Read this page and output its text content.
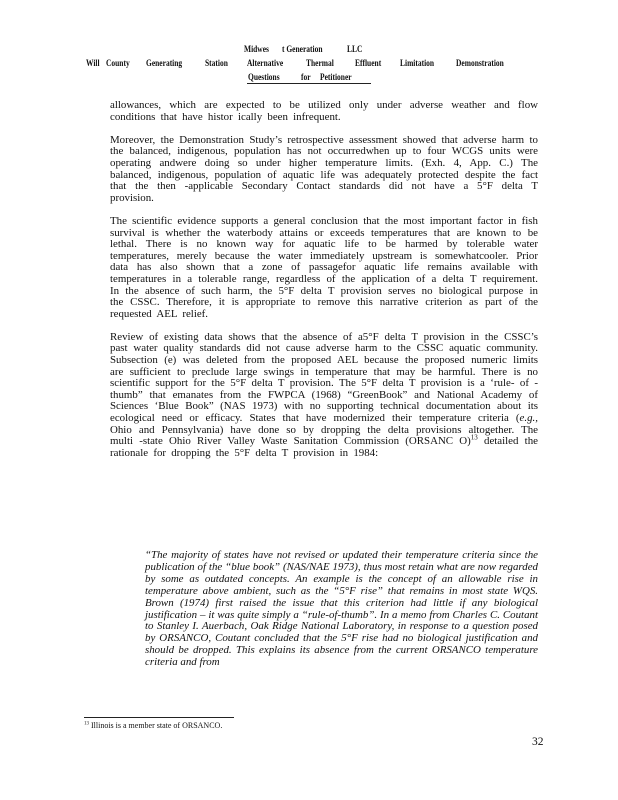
Midwes t Generation	LLC
Will County Generating Station Alternative Thermal Effluent Limitation Demonstration
Questions for Petitioner

allowances, which are expected to be utilized only under adverse weather and flow conditions that have histor ically been infrequent.

Moreover, the Demonstration Study’s retrospective assessment showed that adverse harm to the balanced, indigenous, population has not occurredwhen up to four WCGS units were operating andwere doing so under higher temperature limits. (Exh. 4, App. C.) The balanced, indigenous, population of aquatic life was adequately protected despite the fact that the then -applicable Secondary Contact standards did not have a 5°F delta T provision.

The scientific evidence supports a general conclusion that the most important factor in fish survival is whether the waterbody attains or exceeds temperatures that are known to be lethal. There is no known way for aquatic life to be harmed by tolerable water temperatures, merely because the water immediately upstream is somewhatcooler. Prior data has also shown that a zone of passagefor aquatic life remains available with temperatures in a tolerable range, regardless of the application of a delta T requirement. In the absence of such harm, the 5°F delta T provision serves no biological purpose in the CSSC. Therefore, it is appropriate to remove this narrative criterion as part of the requested AEL relief.

Review of existing data shows that the absence of a5°F delta T provision in the CSSC’s past water quality standards did not cause adverse harm to the CSSC aquatic community. Subsection (e) was deleted from the proposed AEL because the proposed numeric limits are sufficient to preclude large swings in temperature that may be harmful. There is no scientific support for the 5°F delta T provision. The 5°F delta T provision is a ‘rule- of - thumb” that emanates from the FWPCA (1968) “GreenBook” and National Academy of Sciences ‘Blue Book” (NAS 1973) with no supporting technical documentation about its ecological need or efficacy. States that have modernized their temperature criteria (e.g., Ohio and Pennsylvania) have done so by dropping the delta provisions altogether. The multi -state Ohio River Valley Waste Sanitation Commission (ORSANC O)$^{13}$ detailed the rationale for dropping the 5°F delta T provision in 1984:

“The majority of states have not revised or updated their temperature criteria since the publication of the “blue book” (NAS/NAE 1973), thus most retain what are now regarded by some as outdated concepts. An example is the concept of an allowable rise in temperature above ambient, such as the “5°F rise” that remains in most state WQS. Brown (1974) first raised the issue that this criterion had little if any biological justification – it was quite simply a “rule-of-thumb”. In a memo from Charles C. Coutant to Stanley I. Auerbach, Oak Ridge National Laboratory, in response to a question posed by ORSANCO, Coutant concluded that the 5°F rise had no biological justification and should be dropped. This explains its absence from the current ORSANCO temperature criteria and from
$^{13}$ Illinois is a member state of ORSANCO.
32
